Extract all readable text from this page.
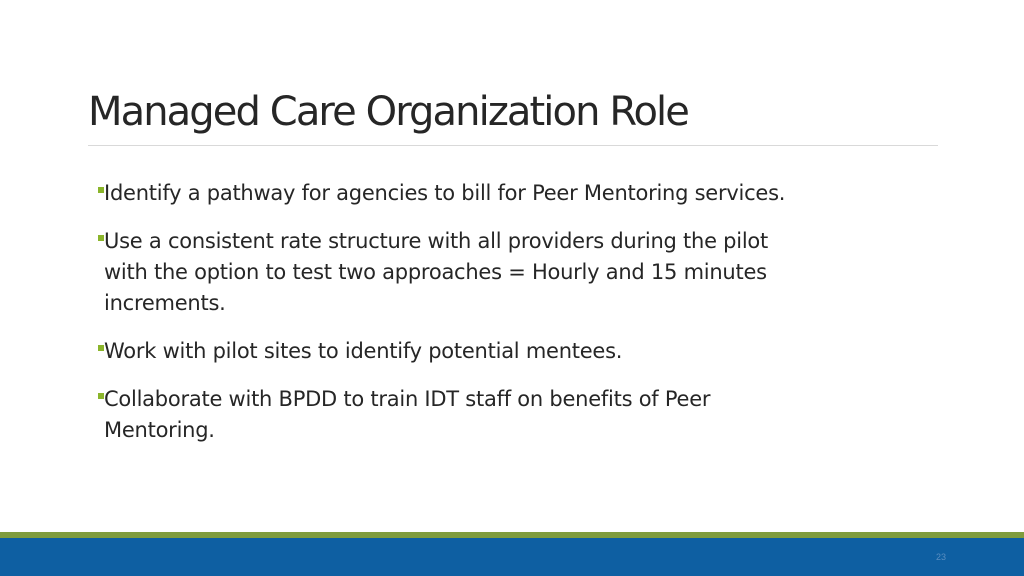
Managed Care Organization Role
Identify a pathway for agencies to bill for Peer Mentoring services.
Use a consistent rate structure with all providers during the pilot
with the option to test two approaches = Hourly and 15 minutes
increments.
Work with pilot sites to identify potential mentees.
Collaborate with BPDD to train IDT staff on benefits of Peer
Mentoring.
23
